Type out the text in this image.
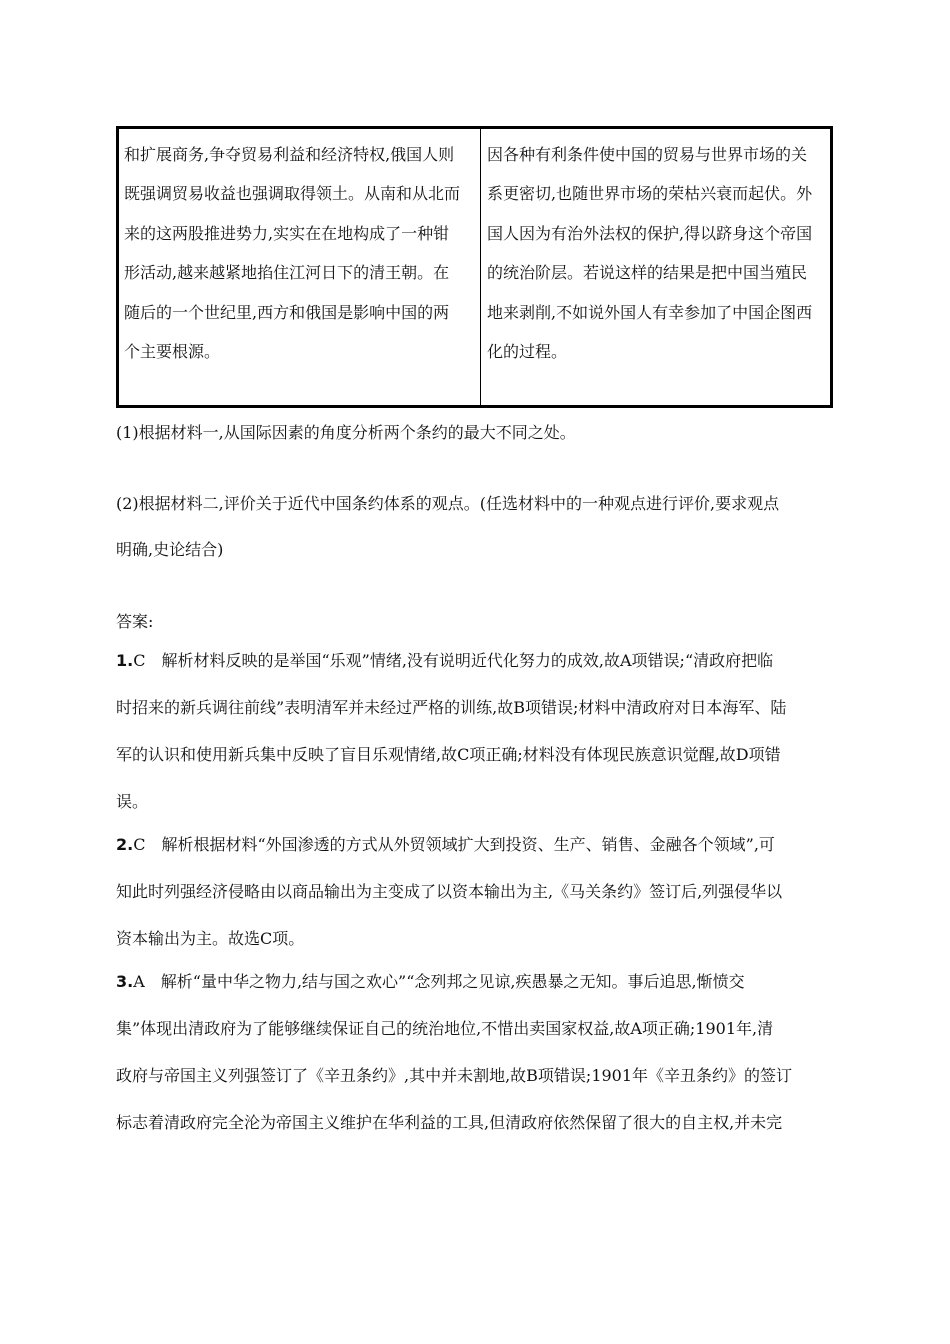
和扩展商务,争夺贸易利益和经济特权,俄国人则

既强调贸易收益也强调取得领土。从南和从北而

来的这两股推进势力,实实在在地构成了一种钳

形活动,越来越紧地掐住江河日下的清王朝。在

随后的一个世纪里,西方和俄国是影响中国的两

个主要根源。

因各种有利条件使中国的贸易与世界市场的关

系更密切,也随世界市场的荣枯兴衰而起伏。外

国人因为有治外法权的保护,得以跻身这个帝国

的统治阶层。若说这样的结果是把中国当殖民

地来剥削,不如说外国人有幸参加了中国企图西

化的过程。

(1)根据材料一,从国际因素的角度分析两个条约的最大不同之处。

(2)根据材料二,评价关于近代中国条约体系的观点。(任选材料中的一种观点进行评价,要求观点

明确,史论结合)

答案:

1.C　解析材料反映的是举国“乐观”情绪,没有说明近代化努力的成效,故A项错误;“清政府把临

时招来的新兵调往前线”表明清军并未经过严格的训练,故B项错误;材料中清政府对日本海军、陆

军的认识和使用新兵集中反映了盲目乐观情绪,故C项正确;材料没有体现民族意识觉醒,故D项错

误。

2.C　解析根据材料“外国渗透的方式从外贸领域扩大到投资、生产、销售、金融各个领域”,可

知此时列强经济侵略由以商品输出为主变成了以资本输出为主,《马关条约》签订后,列强侵华以

资本输出为主。故选C项。

3.A　解析“量中华之物力,结与国之欢心”“念列邦之见谅,疾愚暴之无知。事后追思,惭愤交

集”体现出清政府为了能够继续保证自己的统治地位,不惜出卖国家权益,故A项正确;1901年,清

政府与帝国主义列强签订了《辛丑条约》,其中并未割地,故B项错误;1901年《辛丑条约》的签订

标志着清政府完全沦为帝国主义维护在华利益的工具,但清政府依然保留了很大的自主权,并未完
